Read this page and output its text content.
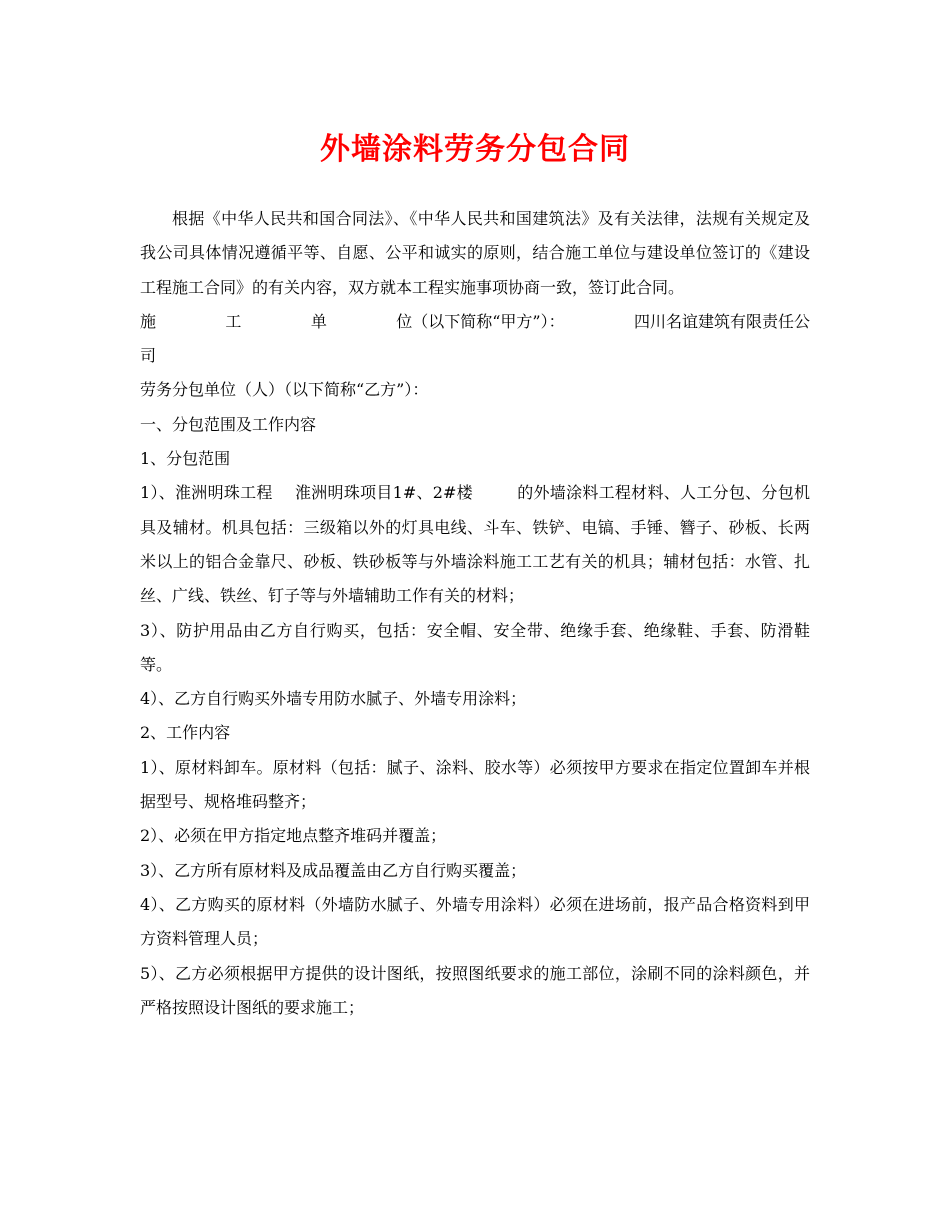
外墙涂料劳务分包合同

根据《中华人民共和国合同法》、《中华人民共和国建筑法》及有关法律，法规有关规定及我公司具体情况遵循平等、自愿、公平和诚实的原则，结合施工单位与建设单位签订的《建设工程施工合同》的有关内容，双方就本工程实施事项协商一致，签订此合同。

施	工	单	位（以下简称“甲方”）：	四川名谊建筑有限责任公

司

劳务分包单位（人）（以下简称“乙方”）：

一、分包范围及工作内容

1、分包范围

1）、淮洲明珠工程 淮洲明珠项目1#、2#楼	的外墙涂料工程材料、人工分包、分包机具及辅材。机具包括：三级箱以外的灯具电线、斗车、铁铲、电镐、手锤、簪子、砂板、长两米以上的铝合金靠尺、砂板、铁砂板等与外墙涂料施工工艺有关的机具；辅材包括：水管、扎丝、广线、铁丝、钉子等与外墙辅助工作有关的材料；

3）、防护用品由乙方自行购买，包括：安全帽、安全带、绝缘手套、绝缘鞋、手套、防滑鞋等。

4）、乙方自行购买外墙专用防水腻子、外墙专用涂料；

2、工作内容

1）、原材料卸车。原材料（包括：腻子、涂料、胶水等）必须按甲方要求在指定位置卸车并根据型号、规格堆码整齐；

2）、必须在甲方指定地点整齐堆码并覆盖；

3）、乙方所有原材料及成品覆盖由乙方自行购买覆盖；

4）、乙方购买的原材料（外墙防水腻子、外墙专用涂料）必须在进场前，报产品合格资料到甲方资料管理人员；

5）、乙方必须根据甲方提供的设计图纸，按照图纸要求的施工部位，涂刷不同的涂料颜色，并严格按照设计图纸的要求施工；
